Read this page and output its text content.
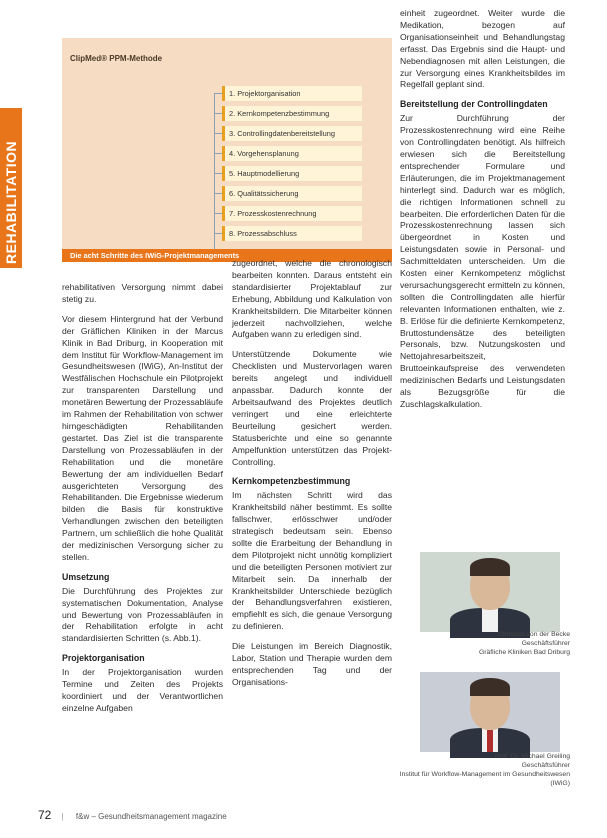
REHABILITATION
ClipMed® PPM-Methode
1. Projektorganisation
2. Kernkompetenzbestimmung
3. Controllingdatenbereitstellung
4. Vorgehensplanung
5. Hauptmodellierung
6. Qualitätssicherung
7. Prozesskostenrechnung
8. Prozessabschluss
Die acht Schritte des IWiG-Projektmanagements

rehabilitativen Versorgung nimmt dabei stetig zu.

Vor diesem Hintergrund hat der Verbund der Gräflichen Kliniken in der Marcus Klinik in Bad Driburg, in Kooperation mit dem Institut für Workflow-Management im Gesundheitswesen (IWiG), An-Institut der Westfälischen Hochschule ein Pilotprojekt zur transparenten Darstellung und monetären Bewertung der Prozessabläufe im Rahmen der Rehabilitation von schwer hirngeschädigten Rehabilitanden gestartet. Das Ziel ist die transparente Darstellung von Prozessabläufen in der Rehabilitation und die monetäre Bewertung der am individuellen Bedarf ausgerichteten Versorgung des Rehabilitanden. Die Ergebnisse wiederum bilden die Basis für konstruktive Verhandlungen zwischen den beteiligten Partnern, um schließlich die hohe Qualität der medizinischen Versorgung sicher zu stellen.

Umsetzung

Die Durchführung des Projektes zur systematischen Dokumentation, Analyse und Bewertung von Prozessabläufen in der Rehabilitation erfolgte in acht standardisierten Schritten (s. Abb.1).

Projektorganisation

In der Projektorganisation wurden Termine und Zeiten des Projekts koordiniert und der Verantwortlichen einzelne Aufgaben

zugeordnet, welche die chronologisch bearbeiten konnten. Daraus entsteht ein standardisierter Projektablauf zur Erhebung, Abbildung und Kalkulation von Krankheitsbildern. Die Mitarbeiter können jederzeit nachvollziehen, welche Aufgaben wann zu erledigen sind.

Unterstützende Dokumente wie Checklisten und Mustervorlagen waren bereits angelegt und individuell anpassbar. Dadurch konnte der Arbeitsaufwand des Projektes deutlich verringert und eine erleichterte Beurteilung gesichert werden. Statusberichte und eine so genannte Ampelfunktion unterstützen das Projekt-Controlling.

Kernkompetenzbestimmung

Im nächsten Schritt wird das Krankheitsbild näher bestimmt. Es sollte fallschwer, erlösschwer und/oder strategisch bedeutsam sein. Ebenso sollte die Erarbeitung der Behandlung in dem Pilotprojekt nicht unnötig kompliziert und die beteiligten Personen motiviert zur Mitarbeit sein. Da innerhalb der Krankheitsbilder Unterschiede bezüglich der Behandlungsverfahren existieren, empfiehlt es sich, die genaue Versorgung zu definieren.

Die Leistungen im Bereich Diagnostik, Labor, Station und Therapie wurden dem entsprechenden Tag und der Organisations-

einheit zugeordnet. Weiter wurde die Medikation, bezogen auf Organisationseinheit und Behandlungstag erfasst. Das Ergebnis sind die Haupt- und Nebendiagnosen mit allen Leistungen, die zur Versorgung eines Krankheitsbildes im Regelfall geplant sind.

Bereitstellung der Controllingdaten

Zur Durchführung der Prozesskostenrechnung wird eine Reihe von Controllingdaten benötigt. Als hilfreich erwiesen sich die Bereitstellung entsprechender Formulare und Erläuterungen, die im Projektmanagement hinterlegt sind. Dadurch war es möglich, die richtigen Informationen schnell zu bearbeiten. Die erforderlichen Daten für die Prozesskostenrechnung lassen sich übergeordnet in Kosten und Leistungsdaten sowie in Personal- und Sachmitteldaten unterscheiden. Um die Kosten einer Kernkompetenz möglichst verursachungsgerecht ermitteln zu können, sollten die Controllingdaten alle hierfür relevanten Informationen enthalten, wie z. B. Erlöse für die definierte Kernkompetenz, Bruttostundensätze des beteiligten Personals, bzw. Nutzungskosten und Nettojahresarbeitszeit, Bruttoeinkaufspreise des verwendeten medizinischen Bedarfs und Leistungsdaten als Bezugsgröße für die Zuschlagskalkulation.

Christian von der Becke
Geschäftsführer
Gräfliche Kliniken Bad Driburg
Prof. Dr. Michael Greiling
Geschäftsführer
Institut für Workflow-Management im Gesundheitswesen (IWiG)
72 | f&w – Gesundheitsmanagement magazine
